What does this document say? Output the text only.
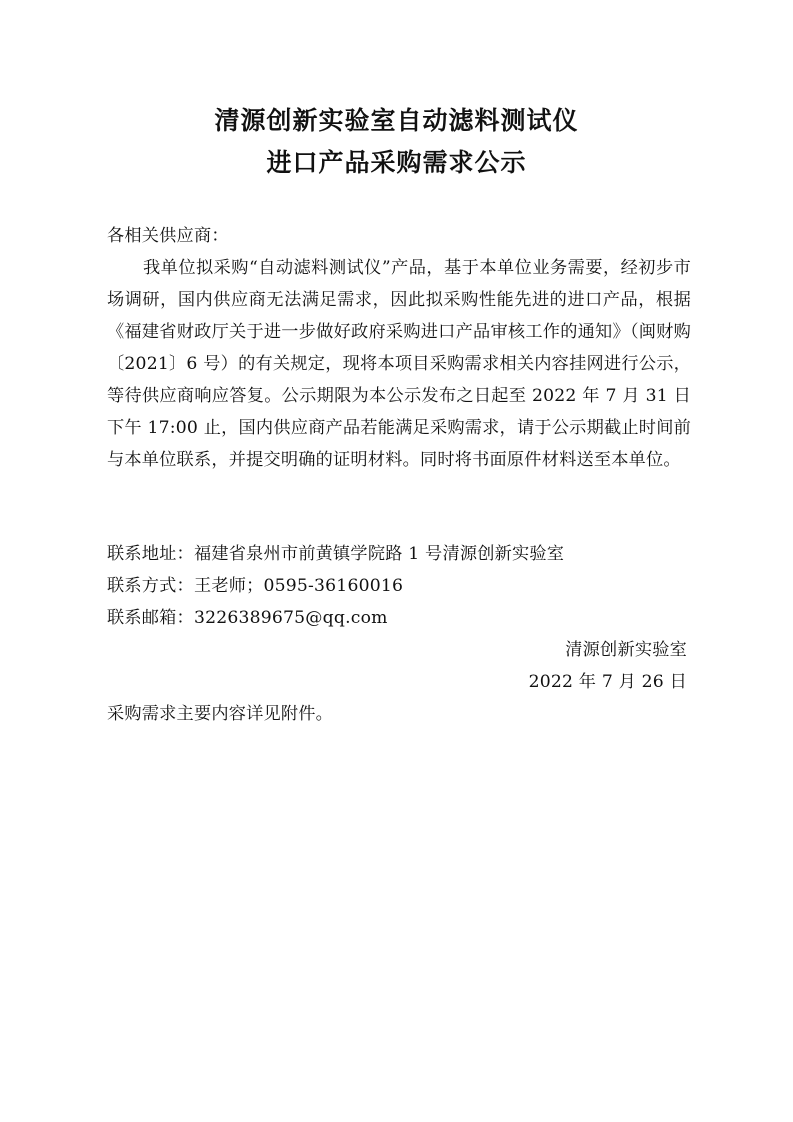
清源创新实验室自动滤料测试仪
进口产品采购需求公示

各相关供应商：

我单位拟采购“自动滤料测试仪”产品，基于本单位业务需要，经初步市场调研，国内供应商无法满足需求，因此拟采购性能先进的进口产品，根据《福建省财政厅关于进一步做好政府采购进口产品审核工作的通知》（闽财购〔2021〕6 号）的有关规定，现将本项目采购需求相关内容挂网进行公示，等待供应商响应答复。公示期限为本公示发布之日起至 2022 年 7 月 31 日下午 17:00 止，国内供应商产品若能满足采购需求，请于公示期截止时间前与本单位联系，并提交明确的证明材料。同时将书面原件材料送至本单位。

联系地址：福建省泉州市前黄镇学院路 1 号清源创新实验室

联系方式：王老师；0595-36160016

联系邮箱：3226389675@qq.com

清源创新实验室

2022 年 7 月 26 日

采购需求主要内容详见附件。
